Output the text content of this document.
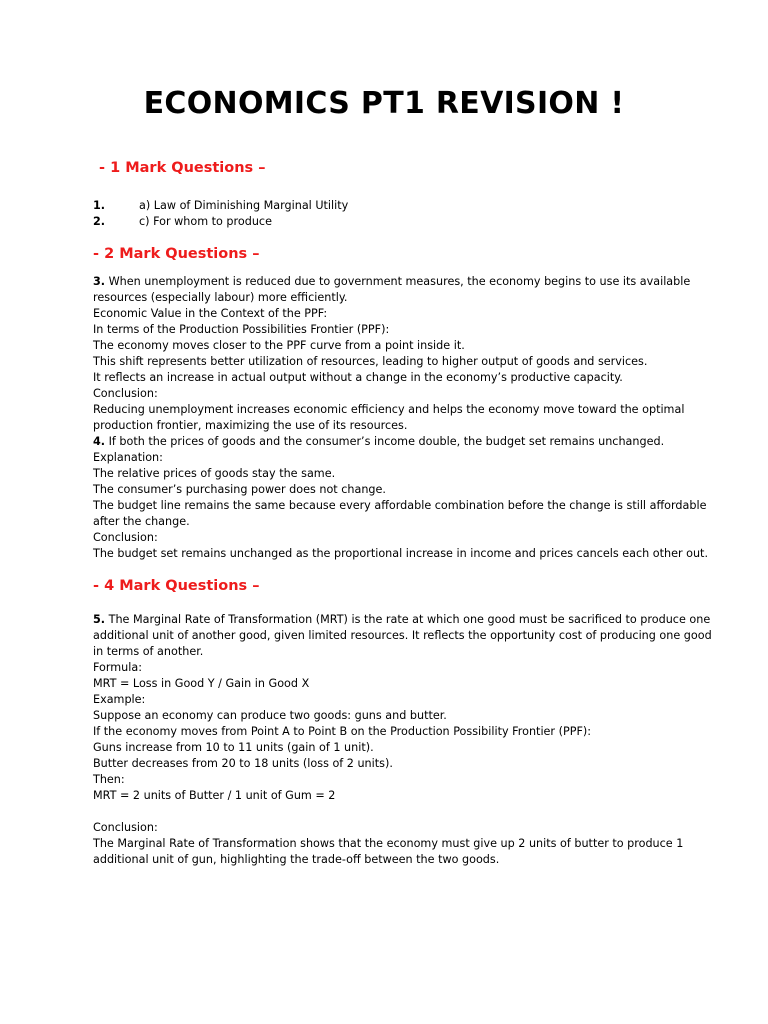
ECONOMICS PT1 REVISION !
- 1 Mark Questions –
1.	a) Law of Diminishing Marginal Utility
2.	c) For whom to produce
- 2 Mark Questions –
3. When unemployment is reduced due to government measures, the economy begins to use its available
resources (especially labour) more efficiently.
Economic Value in the Context of the PPF:
In terms of the Production Possibilities Frontier (PPF):
The economy moves closer to the PPF curve from a point inside it.
This shift represents better utilization of resources, leading to higher output of goods and services.
It reflects an increase in actual output without a change in the economy’s productive capacity.
Conclusion:
Reducing unemployment increases economic efficiency and helps the economy move toward the optimal
production frontier, maximizing the use of its resources.
4. If both the prices of goods and the consumer’s income double, the budget set remains unchanged.
Explanation:
The relative prices of goods stay the same.
The consumer’s purchasing power does not change.
The budget line remains the same because every affordable combination before the change is still affordable
after the change.
Conclusion:
The budget set remains unchanged as the proportional increase in income and prices cancels each other out.
- 4 Mark Questions –
5. The Marginal Rate of Transformation (MRT) is the rate at which one good must be sacrificed to produce one
additional unit of another good, given limited resources. It reflects the opportunity cost of producing one good
in terms of another.
Formula:
MRT = Loss in Good Y / Gain in Good X
Example:
Suppose an economy can produce two goods: guns and butter.
If the economy moves from Point A to Point B on the Production Possibility Frontier (PPF):
Guns increase from 10 to 11 units (gain of 1 unit).
Butter decreases from 20 to 18 units (loss of 2 units).
Then:
MRT = 2 units of Butter / 1 unit of Gum = 2
Conclusion:
The Marginal Rate of Transformation shows that the economy must give up 2 units of butter to produce 1
additional unit of gun, highlighting the trade-off between the two goods.
